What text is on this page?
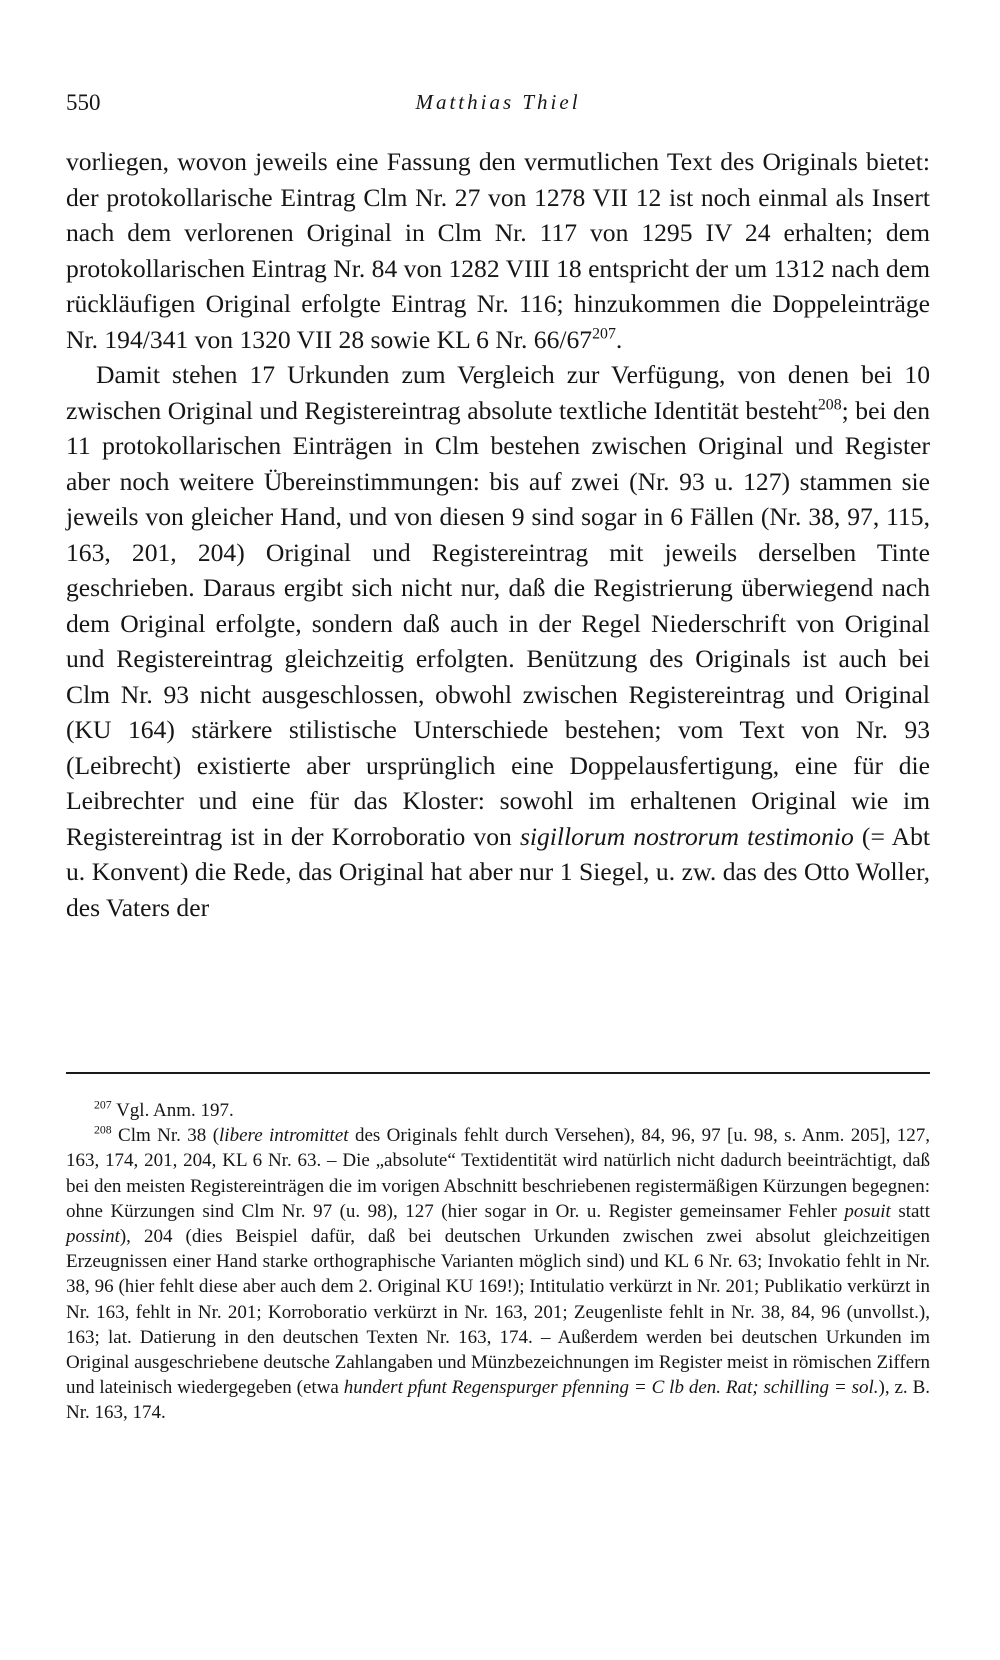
550	Matthias Thiel

vorliegen, wovon jeweils eine Fassung den vermutlichen Text des Originals bietet: der protokollarische Eintrag Clm Nr. 27 von 1278 VII 12 ist noch einmal als Insert nach dem verlorenen Original in Clm Nr. 117 von 1295 IV 24 erhalten; dem protokollarischen Eintrag Nr. 84 von 1282 VIII 18 entspricht der um 1312 nach dem rückläufigen Original erfolgte Eintrag Nr. 116; hinzukommen die Doppeleinträge Nr. 194/341 von 1320 VII 28 sowie KL 6 Nr. $66/67^{207}$.

Damit stehen 17 Urkunden zum Vergleich zur Verfügung, von denen bei 10 zwischen Original und Registereintrag absolute textliche Identität besteht$^{208}$; bei den 11 protokollarischen Einträgen in Clm bestehen zwischen Original und Register aber noch weitere Übereinstimmungen: bis auf zwei (Nr. 93 u. 127) stammen sie jeweils von gleicher Hand, und von diesen 9 sind sogar in 6 Fällen (Nr. 38, 97, 115, 163, 201, 204) Original und Registereintrag mit jeweils derselben Tinte geschrieben. Daraus ergibt sich nicht nur, daß die Registrierung überwiegend nach dem Original erfolgte, sondern daß auch in der Regel Niederschrift von Original und Registereintrag gleichzeitig erfolgten. Benützung des Originals ist auch bei Clm Nr. 93 nicht ausgeschlossen, obwohl zwischen Registereintrag und Original (KU 164) stärkere stilistische Unterschiede bestehen; vom Text von Nr. 93 (Leibrecht) existierte aber ursprünglich eine Doppelausfertigung, eine für die Leibrechter und eine für das Kloster: sowohl im erhaltenen Original wie im Registereintrag ist in der Korroboratio von sigillorum nostrorum testimonio (= Abt u. Konvent) die Rede, das Original hat aber nur 1 Siegel, u. zw. das des Otto Woller, des Vaters der

$^{207}$ Vgl. Anm. 197.

$^{208}$ Clm Nr. 38 (libere intromittet des Originals fehlt durch Versehen), 84, 96, 97 [u. 98, s. Anm. 205], 127, 163, 174, 201, 204, KL 6 Nr. 63. – Die „absolute“ Textidentität wird natürlich nicht dadurch beeinträchtigt, daß bei den meisten Registereinträgen die im vorigen Abschnitt beschriebenen registermäßigen Kürzungen begegnen: ohne Kürzungen sind Clm Nr. 97 (u. 98), 127 (hier sogar in Or. u. Register gemeinsamer Fehler posuit statt possint), 204 (dies Beispiel dafür, daß bei deutschen Urkunden zwischen zwei absolut gleichzeitigen Erzeugnissen einer Hand starke orthographische Varianten möglich sind) und KL 6 Nr. 63; Invokatio fehlt in Nr. 38, 96 (hier fehlt diese aber auch dem 2. Original KU 169!); Intitulatio verkürzt in Nr. 201; Publikatio verkürzt in Nr. 163, fehlt in Nr. 201; Korroboratio verkürzt in Nr. 163, 201; Zeugenliste fehlt in Nr. 38, 84, 96 (unvollst.), 163; lat. Datierung in den deutschen Texten Nr. 163, 174. – Außerdem werden bei deutschen Urkunden im Original ausgeschriebene deutsche Zahlangaben und Münzbezeichnungen im Register meist in römischen Ziffern und lateinisch wiedergegeben (etwa hundert pfunt Regenspurger pfenning = C lb den. Rat; schilling = sol.), z. B. Nr. 163, 174.
